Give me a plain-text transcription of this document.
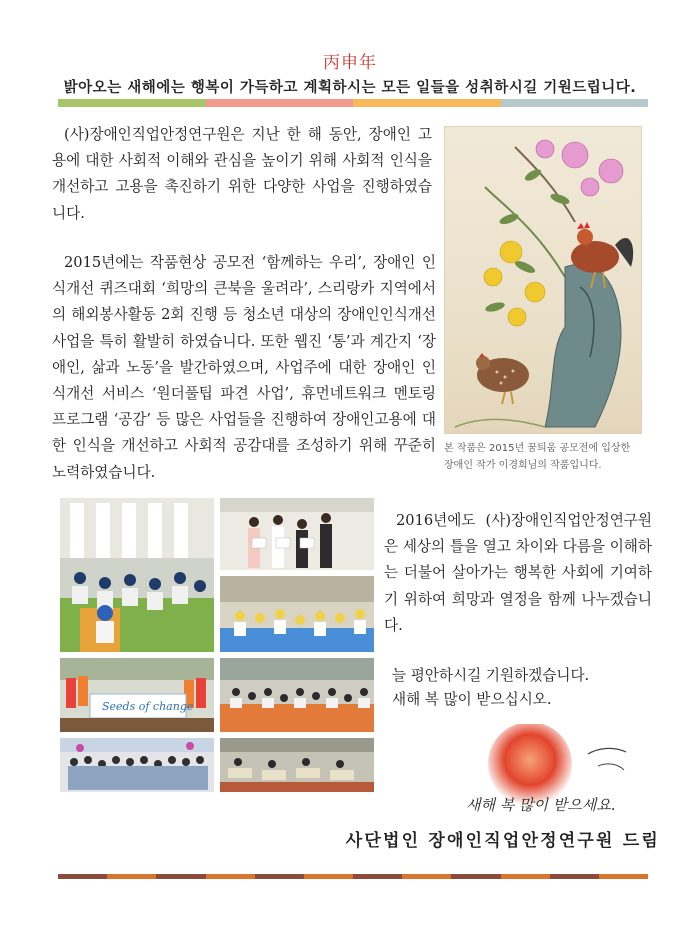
丙申年
밝아오는 새해에는 행복이 가득하고 계획하시는 모든 일들을 성취하시길 기원드립니다.

(사)장애인직업안정연구원은 지난 한 해 동안, 장애인 고용에 대한 사회적 이해와 관심을 높이기 위해 사회적 인식을 개선하고 고용을 촉진하기 위한 다양한 사업을 진행하였습니다.

2015년에는 작품현상 공모전 ‘함께하는 우리’, 장애인 인식개선 퀴즈대회 ‘희망의 큰북을 울려라’, 스리랑카 지역에서의 해외봉사활동 2회 진행 등 청소년 대상의 장애인인식개선 사업을 특히 활발히 하였습니다. 또한 웹진 ‘통’과 계간지 ‘장애인, 삶과 노동’을 발간하였으며, 사업주에 대한 장애인 인식개선 서비스 ‘원더풀팁 파견 사업’, 휴먼네트워크 멘토링 프로그램 ‘공감’ 등 많은 사업들을 진행하여 장애인고용에 대한 인식을 개선하고 사회적 공감대를 조성하기 위해 꾸준히 노력하였습니다.

본 작품은 2015년 꿈틔움 공모전에 입상한
장애인 작가 이경희님의 작품입니다.

Seeds of change

2016년에도 (사)장애인직업안정연구원은 세상의 틀을 열고 차이와 다름을 이해하는 더불어 살아가는 행복한 사회에 기여하기 위하여 희망과 열정을 함께 나누겠습니다.

늘 평안하시길 기원하겠습니다.
새해 복 많이 받으십시오.

새해 복 많이 받으세요.
사단법인 장애인직업안정연구원 드림
